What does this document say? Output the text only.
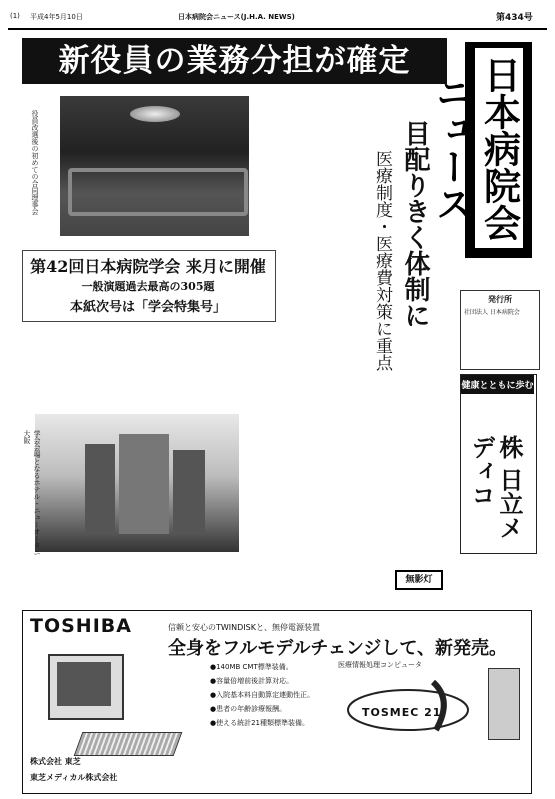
(1) 平成4年5月10日	日本病院会ニュース(J.H.A. NEWS)	第434号
新役員の業務分担が確定	日本病院会ニュース
発行所
社団法人 日本病院会
役員改選後の初めての合同理事会	目配りきく体制に
医療制度・医療費対策に重点
第42回日本病院学会 来月に開催
一般演題過去最高の305題
本紙次号は「学会特集号」
学会会場となるホテル・ニューオータニ大阪
健康とともに歩む
株 日立メディコ
無影灯
TOSHIBA	信頼と安心のTWINDISKと、無停電源装置
全身をフルモデルチェンジして、新発売。
●140MB CMT標準装備。
●容量倍増前後計算対応。
●入院基本料自動算定連動性正。
●患者の年齢診療報酬。
●使える統計21種類標準装備。
医療情報処理コンピュータ
TOSMEC 21
株式会社 東芝
東芝メディカル株式会社
